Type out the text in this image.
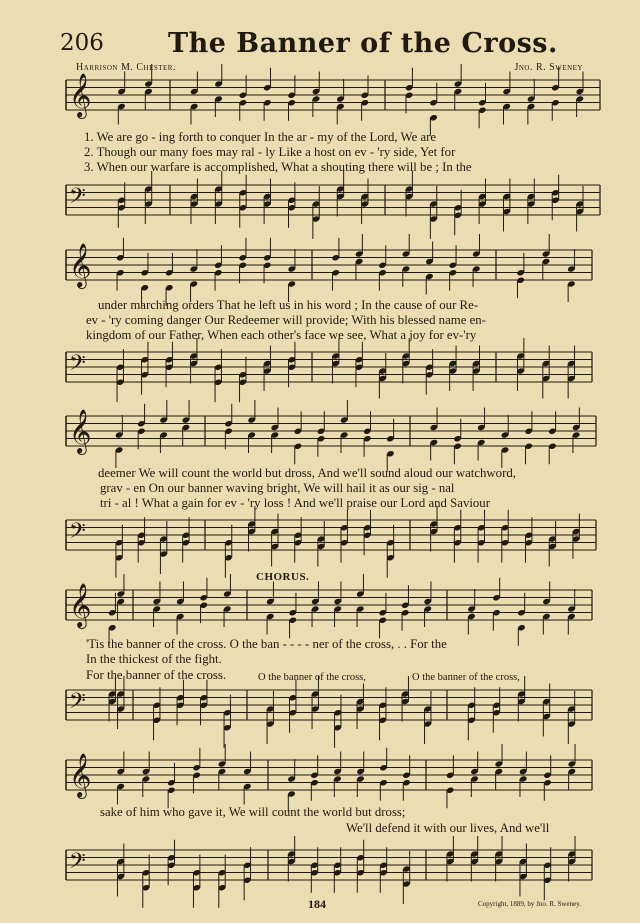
206 The Banner of the Cross.
Harrison M. Chester.	Jno. R. Sweney
𝄞
1. We are go - ing forth to conquer In the ar - my of the Lord, We are
2. Though our many foes may ral - ly Like a host on ev - 'ry side, Yet for
3. When our warfare is accomplished, What a shouting there will be ; In the
𝄢
𝄞
under marching orders That he left us in his word ; In the cause of our Re-
ev - 'ry coming danger Our Redeemer will provide; With his blessed name en-
kingdom of our Father, When each other's face we see, What a joy for ev-'ry
𝄢
𝄞
deemer We will count the world but dross, And we'll sound aloud our watchword,
grav - en On our banner waving bright, We will hail it as our sig - nal
tri - al ! What a gain for ev - 'ry loss ! And we'll praise our Lord and Saviour
𝄢
CHORUS.
𝄞
'Tis the banner of the cross. O the ban - - - - ner of the cross, . . For the
In the thickest of the fight.
For the banner of the cross.	O the banner of the cross,	O the banner of the cross,
𝄢
𝄞
sake of him who gave it, We will count the world but dross;
We'll defend it with our lives, And we'll
𝄢
184	Copyright, 1889, by Jno. R. Sweney.
